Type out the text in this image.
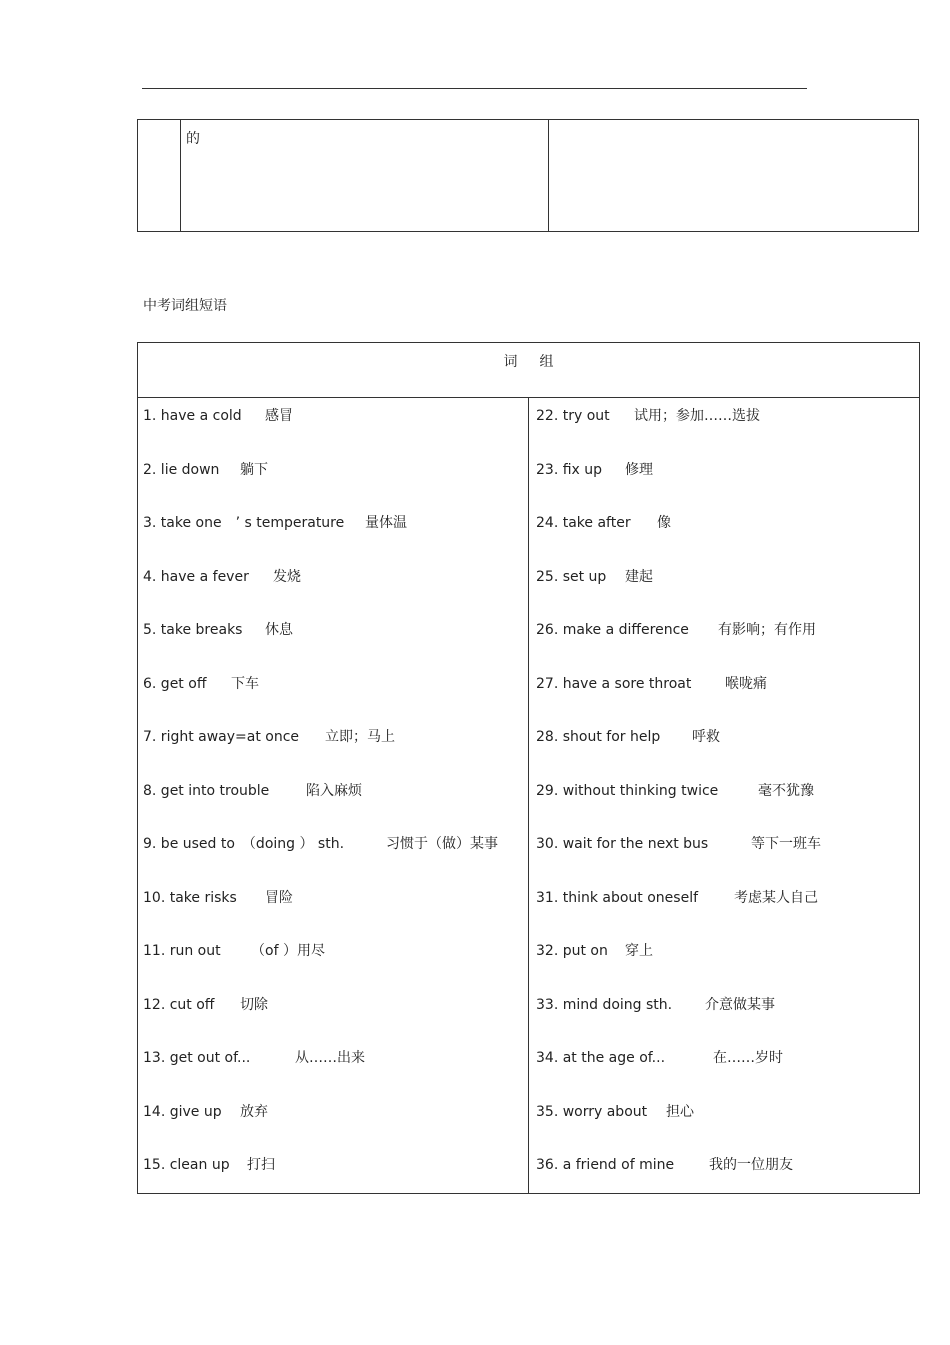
的
中考词组短语
词组
1. have a cold 感冒
2. lie down 躺下
3. take one　’ s temperature 量体温
4. have a fever 发烧
5. take breaks 休息
6. get off 下车
7. right away=at once 立即；马上
8. get into trouble	陷入麻烦
9. be used to　（doing ） sth.	习惯于（做）某事
10. take risks 冒险
11. run out （of ）用尽
12. cut off 切除
13. get out of...	从……出来
14. give up 放弃
15. clean up 打扫
22. try out 试用；参加……选拔
23. fix up 修理
24. take after 像
25. set up 建起
26. make a difference 有影响；有作用
27. have a sore throat 喉咙痛
28. shout for help 呼救
29. without thinking twice	毫不犹豫
30. wait for the next bus	等下一班车
31. think about oneself	考虑某人自己
32. put on 穿上
33. mind doing sth. 介意做某事
34. at the age of...	在……岁时
35. worry about 担心
36. a friend of mine 我的一位朋友
